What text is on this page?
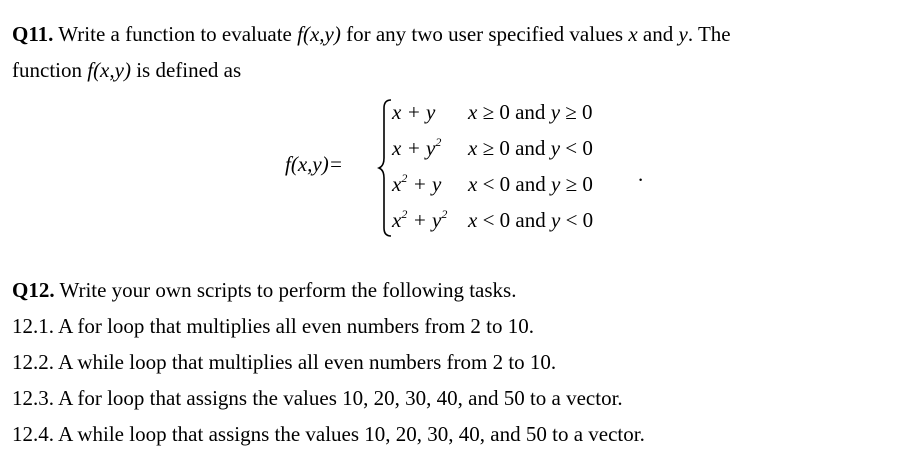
Q11. Write a function to evaluate f(x,y) for any two user specified values x and y. The
function f(x,y) is defined as
f(x,y)=
x + y x ≥ 0 and y ≥ 0
$x + y^2$ x ≥ 0 and y < 0
$x^2 + y$ x < 0 and y ≥ 0
$x^2 + y^2$ x < 0 and y < 0
.
Q12. Write your own scripts to perform the following tasks.
12.1. A for loop that multiplies all even numbers from 2 to 10.
12.2. A while loop that multiplies all even numbers from 2 to 10.
12.3. A for loop that assigns the values 10, 20, 30, 40, and 50 to a vector.
12.4. A while loop that assigns the values 10, 20, 30, 40, and 50 to a vector.
